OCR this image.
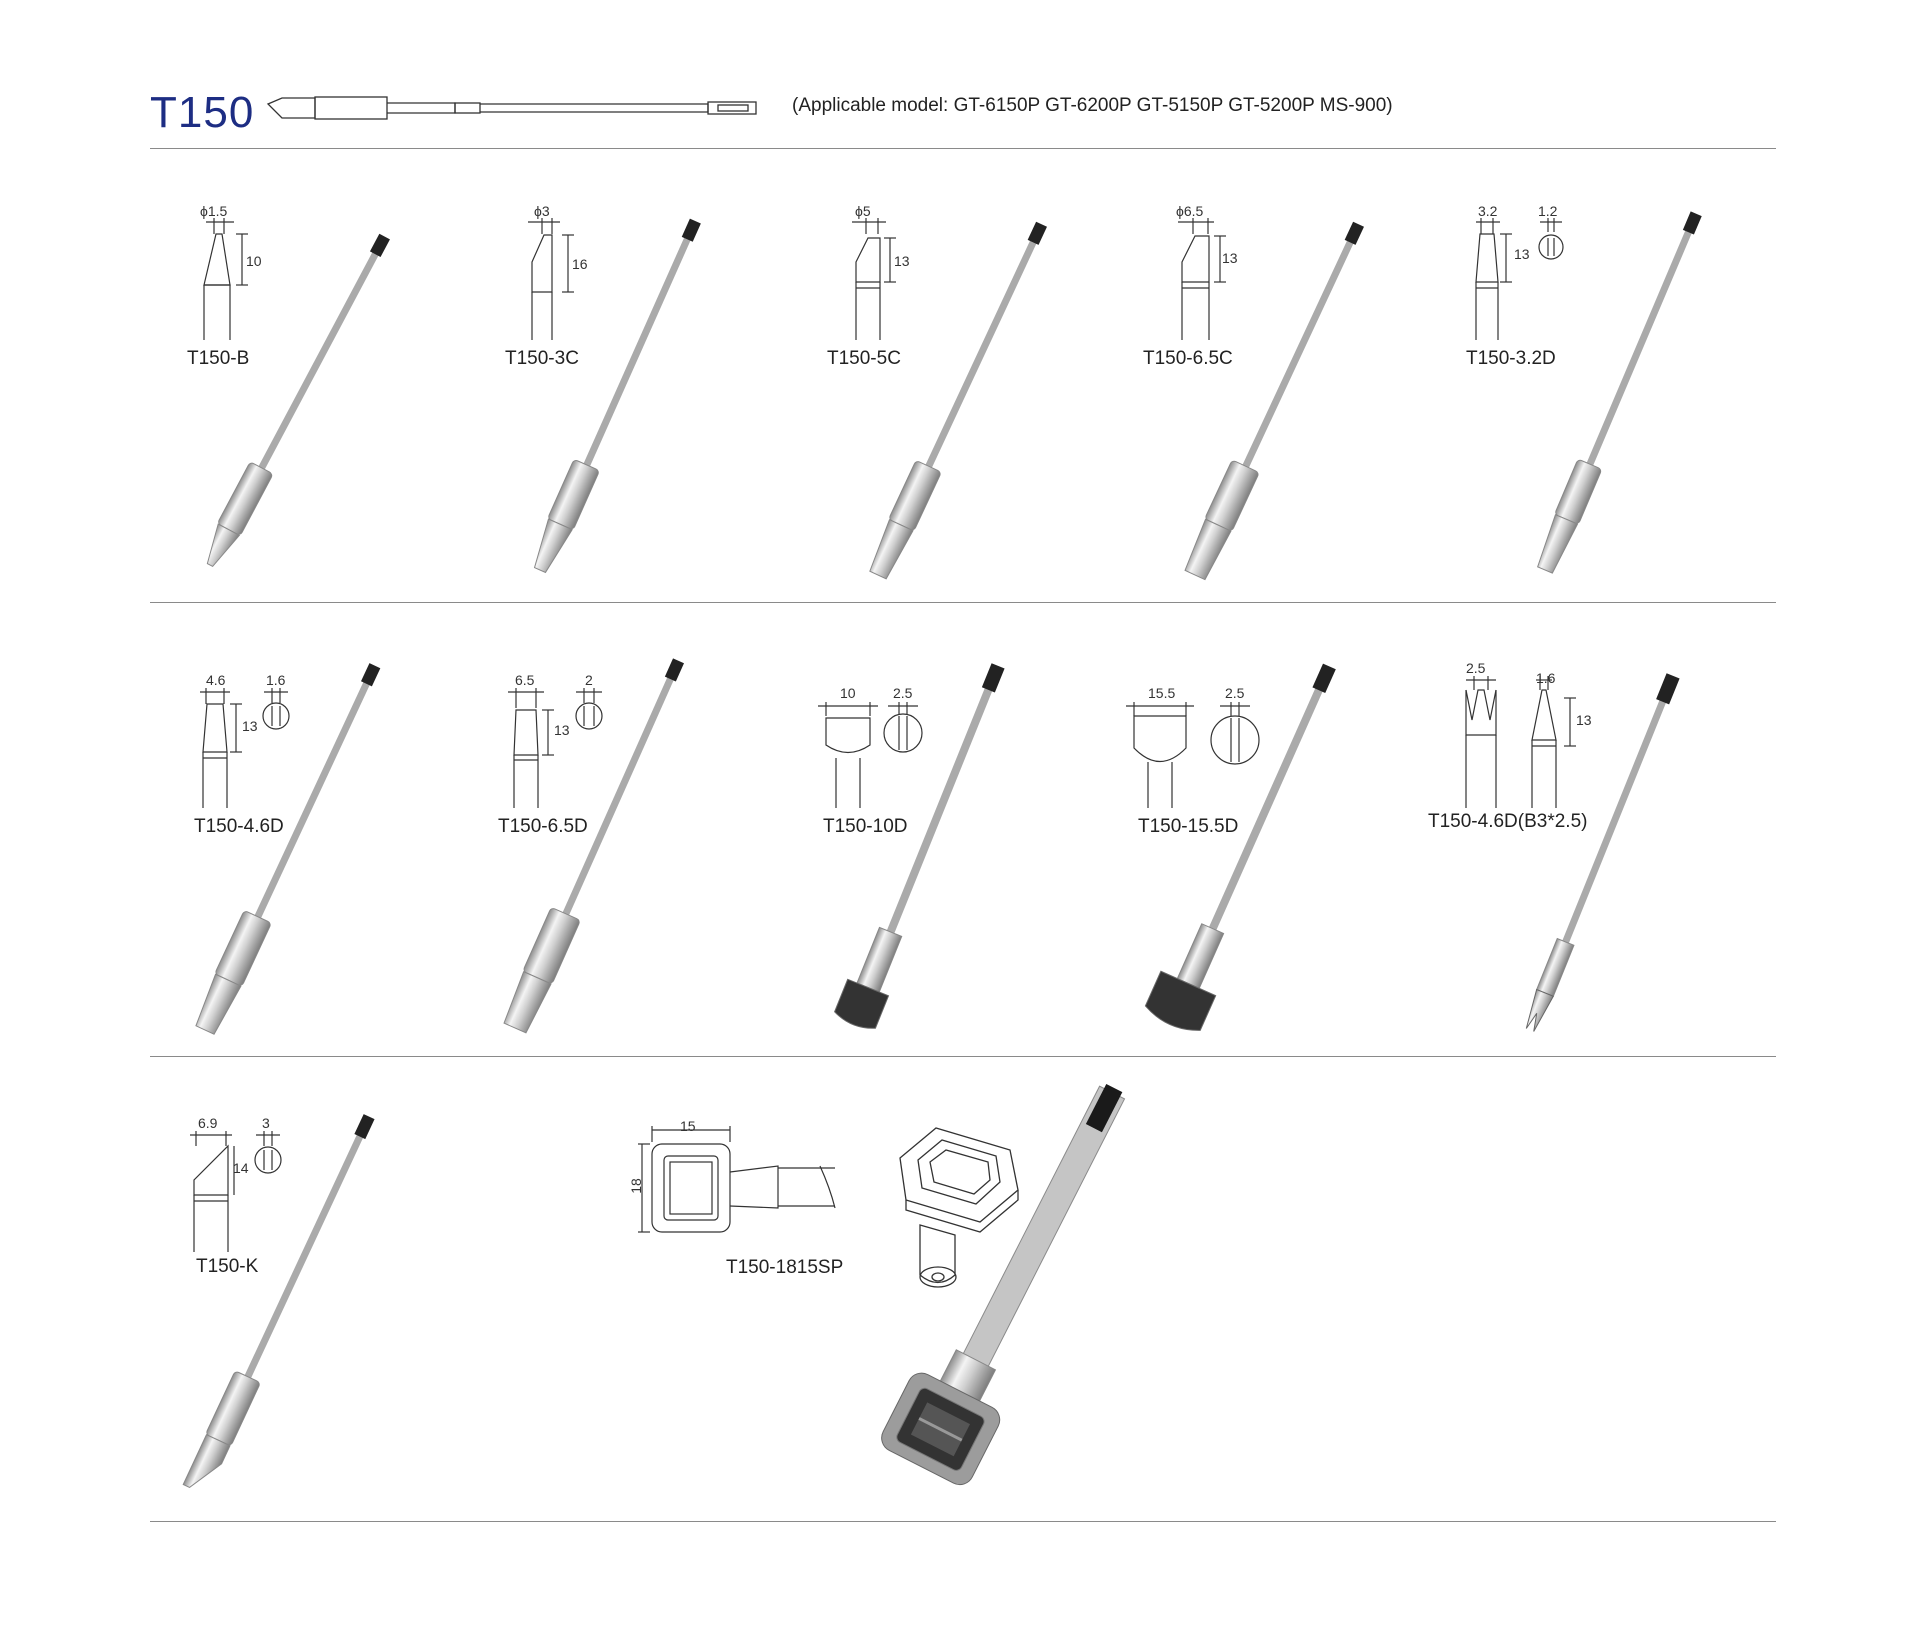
T150	(Applicable model: GT-6150P GT-6200P GT-5150P GT-5200P MS-900)
T150-B
ϕ1.5
10
T150-3C
ϕ3
16
T150-5C
ϕ5
13
T150-6.5C
ϕ6.5
13
T150-3.2D
3.2	1.2
13
T150-4.6D
4.6	1.6
13
T150-6.5D
6.5	2
13
T150-10D
10	2.5
T150-15.5D
15.5	2.5
T150-4.6D(B3*2.5)
2.5
1.6
13
T150-K
6.9	3
14
T150-1815SP
15
18
